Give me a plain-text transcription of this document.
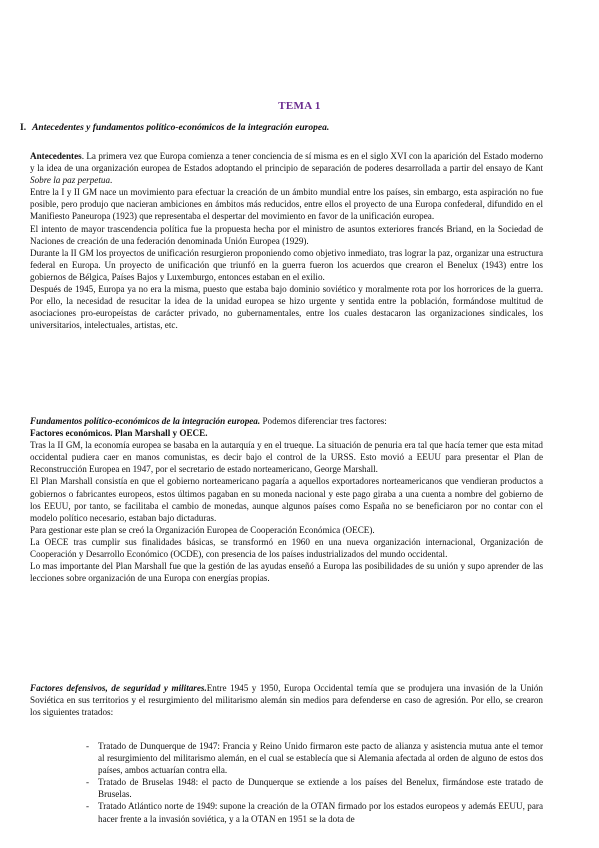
TEMA 1
I. Antecedentes y fundamentos político-económicos de la integración europea.

Antecedentes. La primera vez que Europa comienza a tener conciencia de sí misma es en el siglo XVI con la aparición del Estado moderno y la idea de una organización europea de Estados adoptando el principio de separación de poderes desarrollada a partir del ensayo de Kant Sobre la paz perpetua.

Entre la I y II GM nace un movimiento para efectuar la creación de un ámbito mundial entre los países, sin embargo, esta aspiración no fue posible, pero produjo que nacieran ambiciones en ámbitos más reducidos, entre ellos el proyecto de una Europa confederal, difundido en el Manifiesto Paneuropa (1923) que representaba el despertar del movimiento en favor de la unificación europea.

El intento de mayor trascendencia política fue la propuesta hecha por el ministro de asuntos exteriores francés Briand, en la Sociedad de Naciones de creación de una federación denominada Unión Europea (1929).

Durante la II GM los proyectos de unificación resurgieron proponiendo como objetivo inmediato, tras lograr la paz, organizar una estructura federal en Europa. Un proyecto de unificación que triunfó en la guerra fueron los acuerdos que crearon el Benelux (1943) entre los gobiernos de Bélgica, Países Bajos y Luxemburgo, entonces estaban en el exilio.

Después de 1945, Europa ya no era la misma, puesto que estaba bajo dominio soviético y moralmente rota por los horrorices de la guerra. Por ello, la necesidad de resucitar la idea de la unidad europea se hizo urgente y sentida entre la población, formándose multitud de asociaciones pro-europeístas de carácter privado, no gubernamentales, entre los cuales destacaron las organizaciones sindicales, los universitarios, intelectuales, artistas, etc.

Fundamentos político-económicos de la integración europea. Podemos diferenciar tres factores:

Factores económicos. Plan Marshall y OECE.

Tras la II GM, la economía europea se basaba en la autarquía y en el trueque. La situación de penuria era tal que hacía temer que esta mitad occidental pudiera caer en manos comunistas, es decir bajo el control de la URSS. Esto movió a EEUU para presentar el Plan de Reconstrucción Europea en 1947, por el secretario de estado norteamericano, George Marshall.

El Plan Marshall consistía en que el gobierno norteamericano pagaría a aquellos exportadores norteamericanos que vendieran productos a gobiernos o fabricantes europeos, estos últimos pagaban en su moneda nacional y este pago giraba a una cuenta a nombre del gobierno de los EEUU, por tanto, se facilitaba el cambio de monedas, aunque algunos países como España no se beneficiaron por no contar con el modelo político necesario, estaban bajo dictaduras.

Para gestionar este plan se creó la Organización Europea de Cooperación Económica (OECE).

La OECE tras cumplir sus finalidades básicas, se transformó en 1960 en una nueva organización internacional, Organización de Cooperación y Desarrollo Económico (OCDE), con presencia de los países industrializados del mundo occidental.

Lo mas importante del Plan Marshall fue que la gestión de las ayudas enseñó a Europa las posibilidades de su unión y supo aprender de las lecciones sobre organización de una Europa con energías propias.

Factores defensivos, de seguridad y militares.Entre 1945 y 1950, Europa Occidental temía que se produjera una invasión de la Unión Soviética en sus territorios y el resurgimiento del militarismo alemán sin medios para defenderse en caso de agresión. Por ello, se crearon los siguientes tratados:

- Tratado de Dunquerque de 1947: Francia y Reino Unido firmaron este pacto de alianza y asistencia mutua ante el temor al resurgimiento del militarismo alemán, en el cual se establecía que si Alemania afectada al orden de alguno de estos dos países, ambos actuarían contra ella.
- Tratado de Bruselas 1948: el pacto de Dunquerque se extiende a los países del Benelux, firmándose este tratado de Bruselas.
- Tratado Atlántico norte de 1949: supone la creación de la OTAN firmado por los estados europeos y además EEUU, para hacer frente a la invasión soviética, y a la OTAN en 1951 se la dota de
